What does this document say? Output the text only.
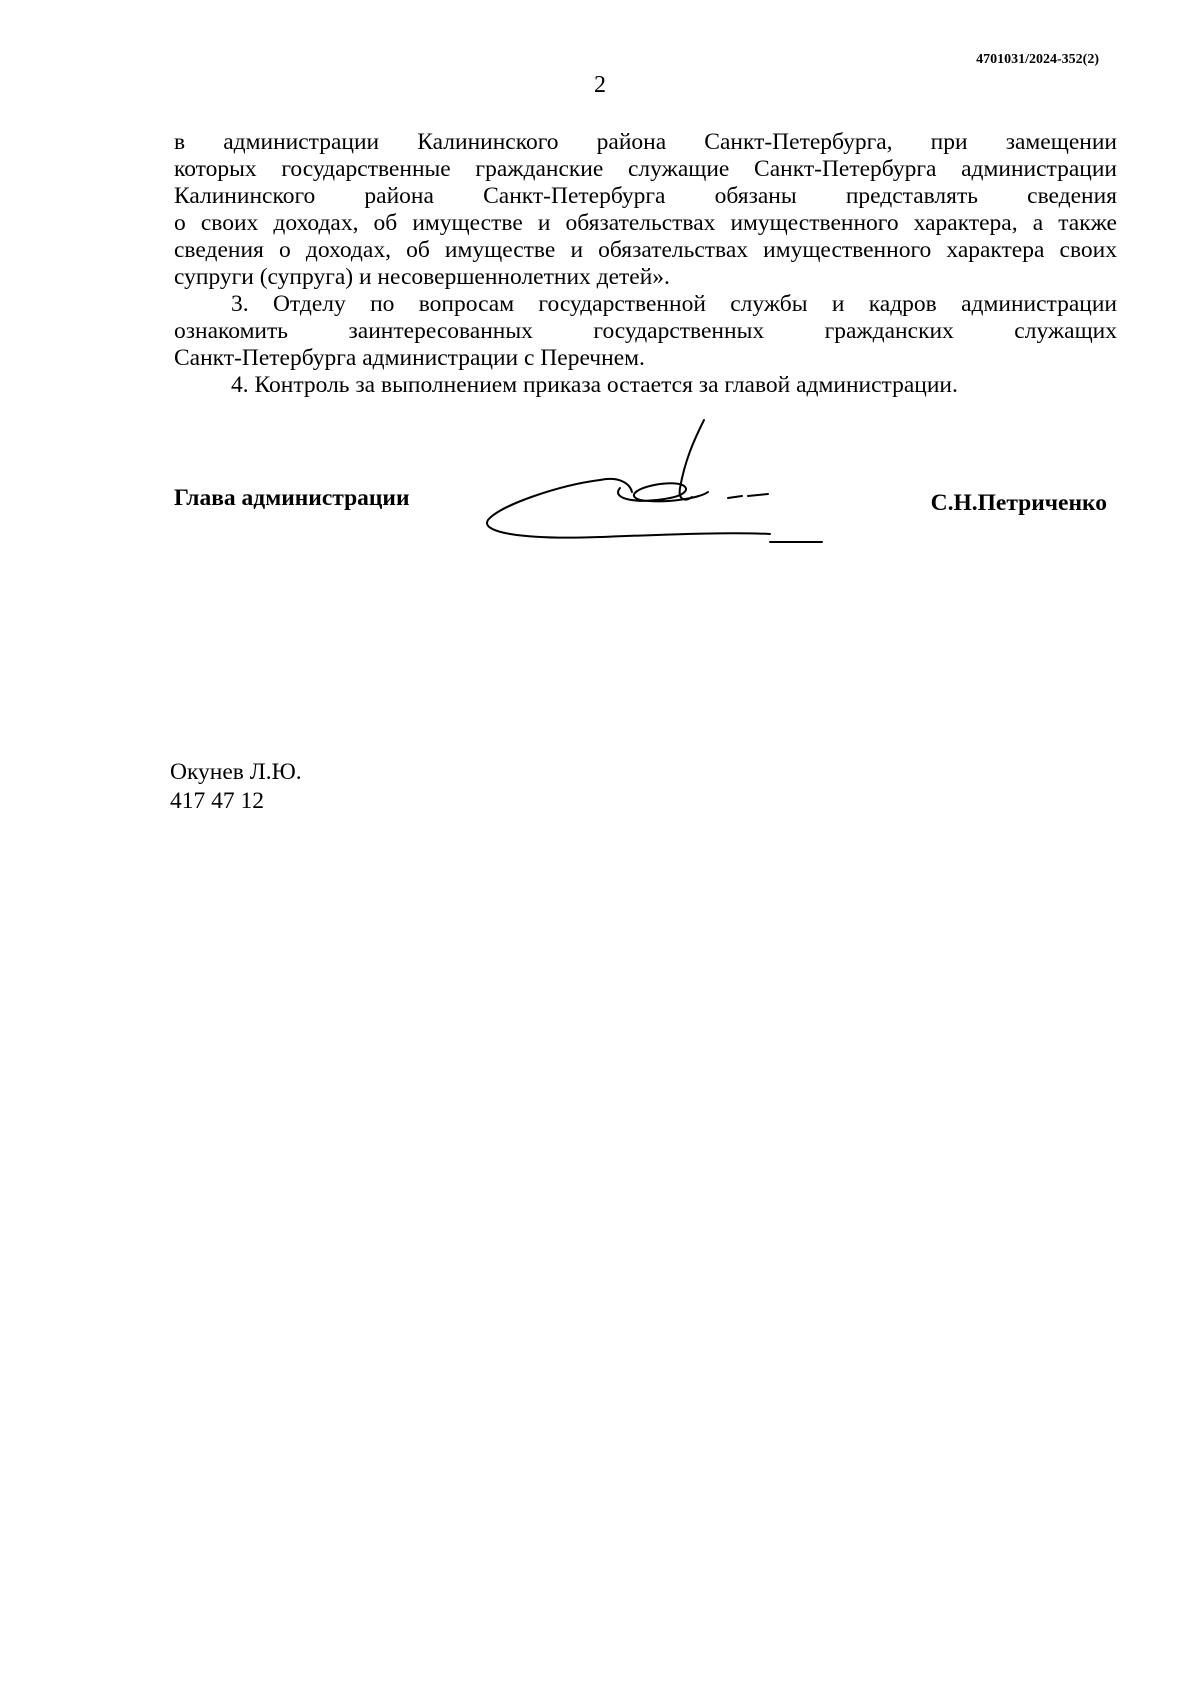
4701031/2024-352(2)
2

в администрации Калининского района Санкт-Петербурга, при замещении

которых государственные гражданские служащие Санкт-Петербурга администрации

Калининского района Санкт-Петербурга обязаны представлять сведения

о своих доходах, об имуществе и обязательствах имущественного характера, а также

сведения о доходах, об имуществе и обязательствах имущественного характера своих

супруги (супруга) и несовершеннолетних детей».

3. Отделу по вопросам государственной службы и кадров администрации

ознакомить заинтересованных государственных гражданских служащих

Санкт-Петербурга администрации с Перечнем.

4. Контроль за выполнением приказа остается за главой администрации.

Глава администрации	С.Н.Петриченко
Окунев Л.Ю.
417 47 12
